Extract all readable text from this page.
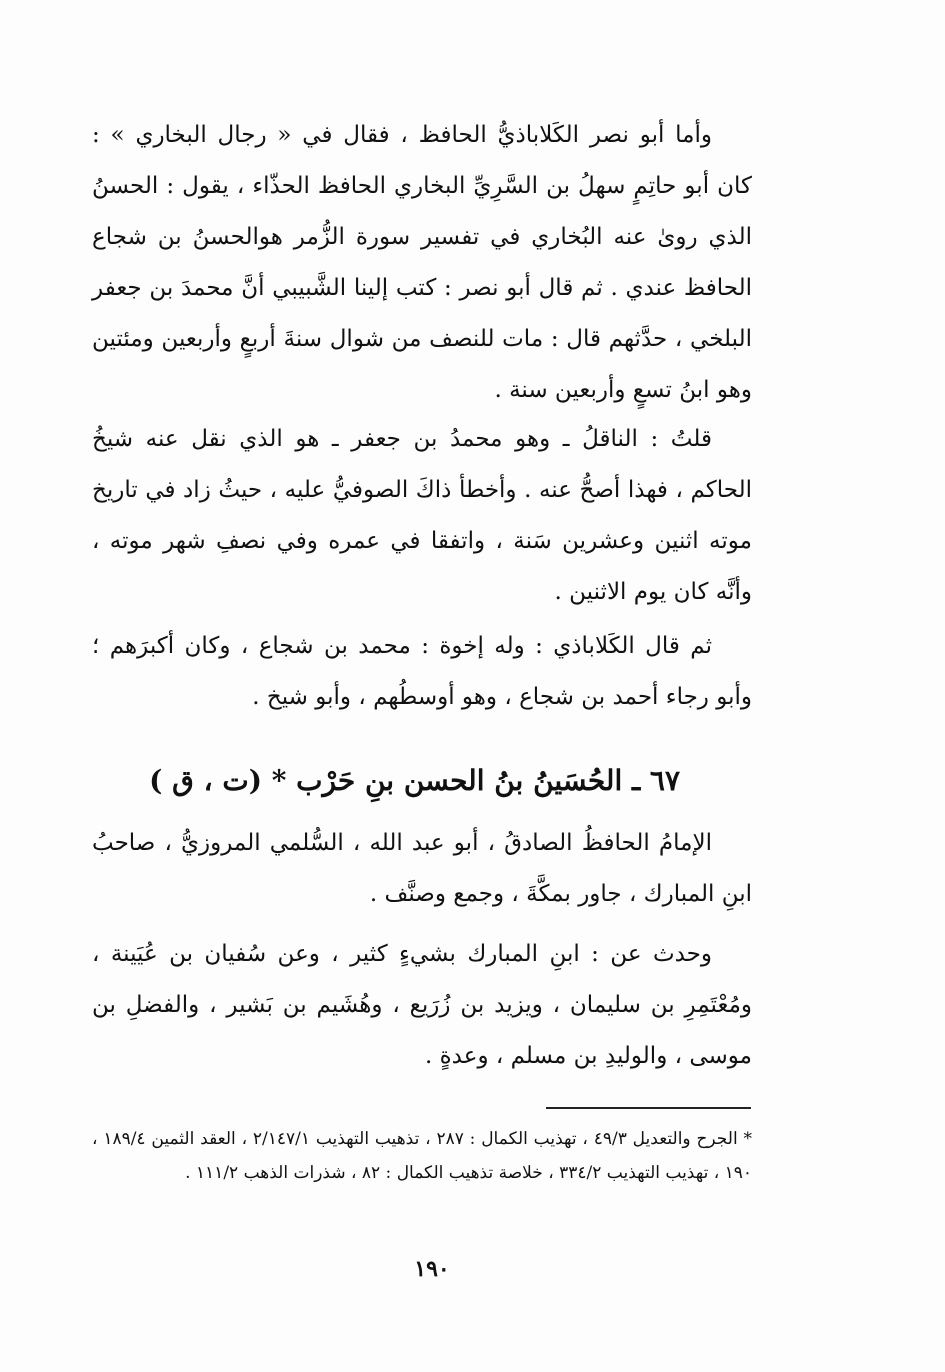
وأما أبو نصر الكَلاباذيُّ الحافظ ، فقال في « رجال البخاري » : كان أبو حاتِمٍ سهلُ بن السَّرِيِّ البخاري الحافظ الحذّاء ، يقول : الحسنُ الذي روىٰ عنه البُخاري في تفسير سورة الزُّمر هوالحسنُ بن شجاع الحافظ عندي . ثم قال أبو نصر : كتب إلينا الشَّبيبي أنَّ محمدَ بن جعفر البلخي ، حدَّثهم قال : مات للنصف من شوال سنةَ أربعٍ وأربعين ومئتين وهو ابنُ تسعٍ وأربعين سنة .

قلتُ : الناقلُ ـ وهو محمدُ بن جعفر ـ هو الذي نقل عنه شيخُ الحاكم ، فهذا أصحُّ عنه . وأخطأ ذاكَ الصوفيُّ عليه ، حيثُ زاد في تاريخ موته اثنين وعشرين سَنة ، واتفقا في عمره وفي نصفِ شهر موته ، وأنَّه كان يوم الاثنين .

ثم قال الكَلاباذي : وله إخوة : محمد بن شجاع ، وكان أكبرَهم ؛ وأبو رجاء أحمد بن شجاع ، وهو أوسطُهم ، وأبو شيخ .

٦٧ ـ الحُسَينُ بنُ الحسن بنِ حَرْب * (ت ، ق )

الإمامُ الحافظُ الصادقُ ، أبو عبد الله ، السُّلمي المروزيُّ ، صاحبُ ابنِ المبارك ، جاور بمكَّةَ ، وجمع وصنَّف .

وحدث عن : ابنِ المبارك بشيءٍ كثير ، وعن سُفيان بن عُيَينة ، ومُعْتَمِرِ بن سليمان ، ويزيد بن زُرَيع ، وهُشَيم بن بَشير ، والفضلِ بن موسى ، والوليدِ بن مسلم ، وعدةٍ .

* الجرح والتعديل ٤٩/٣ ، تهذيب الكمال : ٢٨٧ ، تذهيب التهذيب ٢/١٤٧/١ ، العقد الثمين ١٨٩/٤ ، ١٩٠ ، تهذيب التهذيب ٣٣٤/٢ ، خلاصة تذهيب الكمال : ٨٢ ، شذرات الذهب ١١١/٢ .

١٩٠
